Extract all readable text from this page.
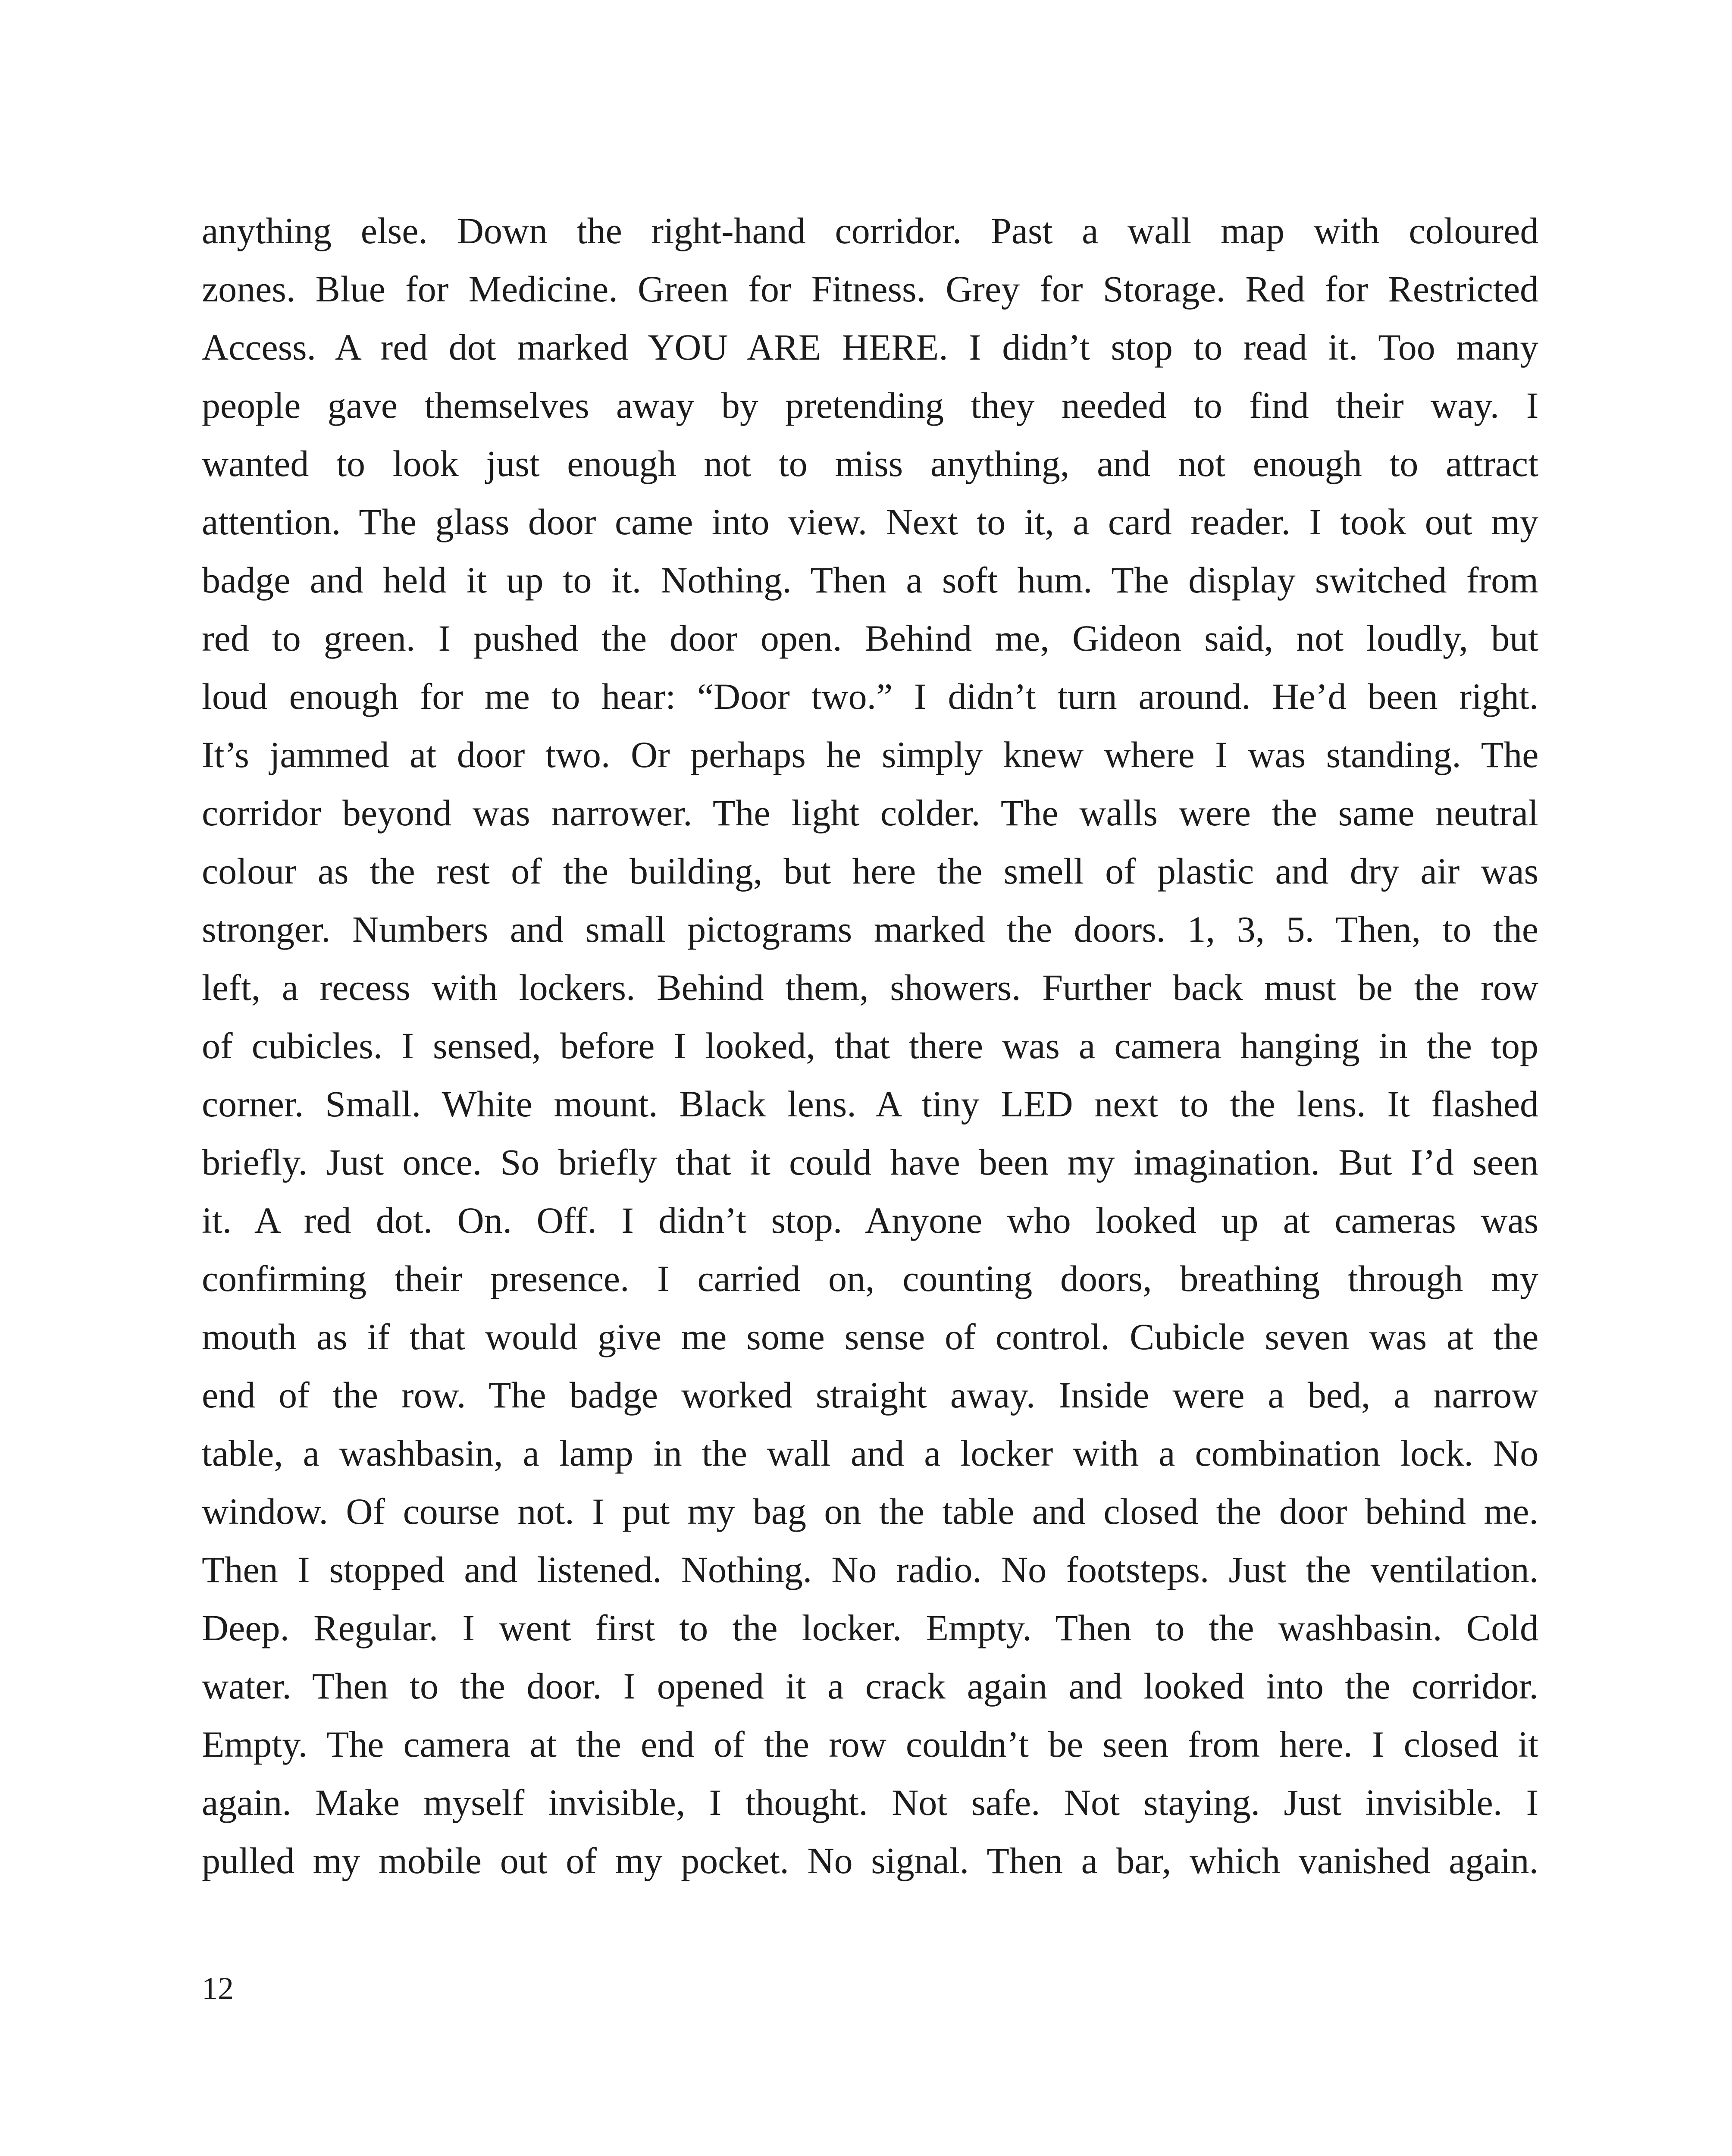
anything else. Down the right-hand corridor. Past a wall map with coloured
zones. Blue for Medicine. Green for Fitness. Grey for Storage. Red for Restricted
Access. A red dot marked YOU ARE HERE. I didn’t stop to read it. Too many
people gave themselves away by pretending they needed to find their way. I
wanted to look just enough not to miss anything, and not enough to attract
attention. The glass door came into view. Next to it, a card reader. I took out my
badge and held it up to it. Nothing. Then a soft hum. The display switched from
red to green. I pushed the door open. Behind me, Gideon said, not loudly, but
loud enough for me to hear: “Door two.” I didn’t turn around. He’d been right.
It’s jammed at door two. Or perhaps he simply knew where I was standing. The
corridor beyond was narrower. The light colder. The walls were the same neutral
colour as the rest of the building, but here the smell of plastic and dry air was
stronger. Numbers and small pictograms marked the doors. 1, 3, 5. Then, to the
left, a recess with lockers. Behind them, showers. Further back must be the row
of cubicles. I sensed, before I looked, that there was a camera hanging in the top
corner. Small. White mount. Black lens. A tiny LED next to the lens. It flashed
briefly. Just once. So briefly that it could have been my imagination. But I’d seen
it. A red dot. On. Off. I didn’t stop. Anyone who looked up at cameras was
confirming their presence. I carried on, counting doors, breathing through my
mouth as if that would give me some sense of control. Cubicle seven was at the
end of the row. The badge worked straight away. Inside were a bed, a narrow
table, a washbasin, a lamp in the wall and a locker with a combination lock. No
window. Of course not. I put my bag on the table and closed the door behind me.
Then I stopped and listened. Nothing. No radio. No footsteps. Just the ventilation.
Deep. Regular. I went first to the locker. Empty. Then to the washbasin. Cold
water. Then to the door. I opened it a crack again and looked into the corridor.
Empty. The camera at the end of the row couldn’t be seen from here. I closed it
again. Make myself invisible, I thought. Not safe. Not staying. Just invisible. I
pulled my mobile out of my pocket. No signal. Then a bar, which vanished again.
12
